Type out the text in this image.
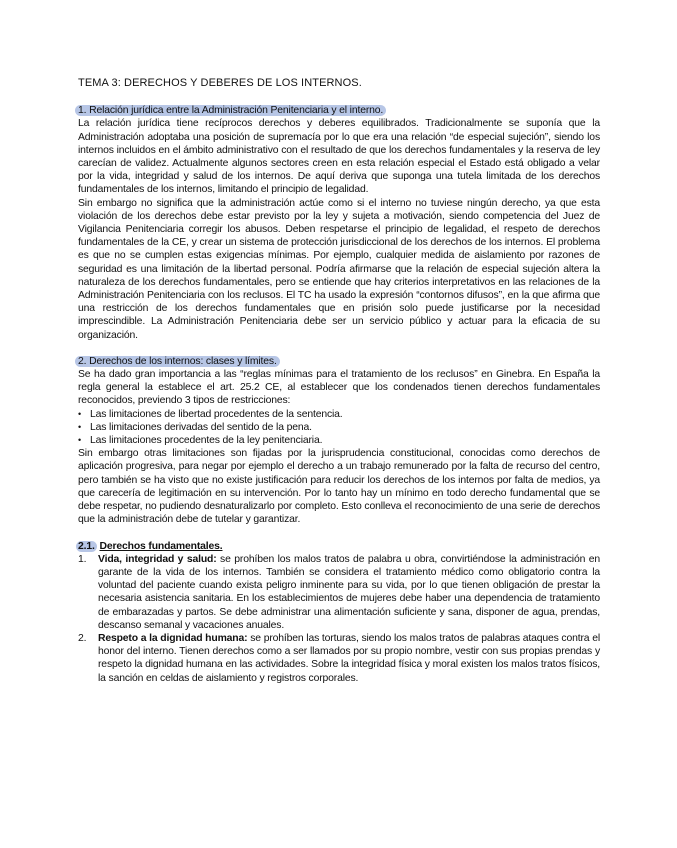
TEMA 3: DERECHOS Y DEBERES DE LOS INTERNOS.

1. Relación jurídica entre la Administración Penitenciaria y el interno.

La relación jurídica tiene recíprocos derechos y deberes equilibrados. Tradicionalmente se suponía que la Administración adoptaba una posición de supremacía por lo que era una relación “de especial sujeción”, siendo los internos incluidos en el ámbito administrativo con el resultado de que los derechos fundamentales y la reserva de ley carecían de validez. Actualmente algunos sectores creen en esta relación especial el Estado está obligado a velar por la vida, integridad y salud de los internos. De aquí deriva que suponga una tutela limitada de los derechos fundamentales de los internos, limitando el principio de legalidad.

Sin embargo no significa que la administración actúe como si el interno no tuviese ningún derecho, ya que esta violación de los derechos debe estar previsto por la ley y sujeta a motivación, siendo competencia del Juez de Vigilancia Penitenciaria corregir los abusos. Deben respetarse el principio de legalidad, el respeto de derechos fundamentales de la CE, y crear un sistema de protección jurisdiccional de los derechos de los internos. El problema es que no se cumplen estas exigencias mínimas. Por ejemplo, cualquier medida de aislamiento por razones de seguridad es una limitación de la libertad personal. Podría afirmarse que la relación de especial sujeción altera la naturaleza de los derechos fundamentales, pero se entiende que hay criterios interpretativos en las relaciones de la Administración Penitenciaria con los reclusos. El TC ha usado la expresión “contornos difusos”, en la que afirma que una restricción de los derechos fundamentales que en prisión solo puede justificarse por la necesidad imprescindible. La Administración Penitenciaria debe ser un servicio público y actuar para la eficacia de su organización.

2. Derechos de los internos: clases y límites.

Se ha dado gran importancia a las “reglas mínimas para el tratamiento de los reclusos” en Ginebra. En España la regla general la establece el art. 25.2 CE, al establecer que los condenados tienen derechos fundamentales reconocidos, previendo 3 tipos de restricciones:

• Las limitaciones de libertad procedentes de la sentencia.
• Las limitaciones derivadas del sentido de la pena.
• Las limitaciones procedentes de la ley penitenciaria.

Sin embargo otras limitaciones son fijadas por la jurisprudencia constitucional, conocidas como derechos de aplicación progresiva, para negar por ejemplo el derecho a un trabajo remunerado por la falta de recurso del centro, pero también se ha visto que no existe justificación para reducir los derechos de los internos por falta de medios, ya que carecería de legitimación en su intervención. Por lo tanto hay un mínimo en todo derecho fundamental que se debe respetar, no pudiendo desnaturalizarlo por completo. Esto conlleva el reconocimiento de una serie de derechos que la administración debe de tutelar y garantizar.

2.1. Derechos fundamentales.

1. Vida, integridad y salud: se prohíben los malos tratos de palabra u obra, convirtiéndose la administración en garante de la vida de los internos. También se considera el tratamiento médico como obligatorio contra la voluntad del paciente cuando exista peligro inminente para su vida, por lo que tienen obligación de prestar la necesaria asistencia sanitaria. En los establecimientos de mujeres debe haber una dependencia de tratamiento de embarazadas y partos. Se debe administrar una alimentación suficiente y sana, disponer de agua, prendas, descanso semanal y vacaciones anuales.
2. Respeto a la dignidad humana: se prohíben las torturas, siendo los malos tratos de palabras ataques contra el honor del interno. Tienen derechos como a ser llamados por su propio nombre, vestir con sus propias prendas y respeto la dignidad humana en las actividades. Sobre la integridad física y moral existen los malos tratos físicos, la sanción en celdas de aislamiento y registros corporales.
